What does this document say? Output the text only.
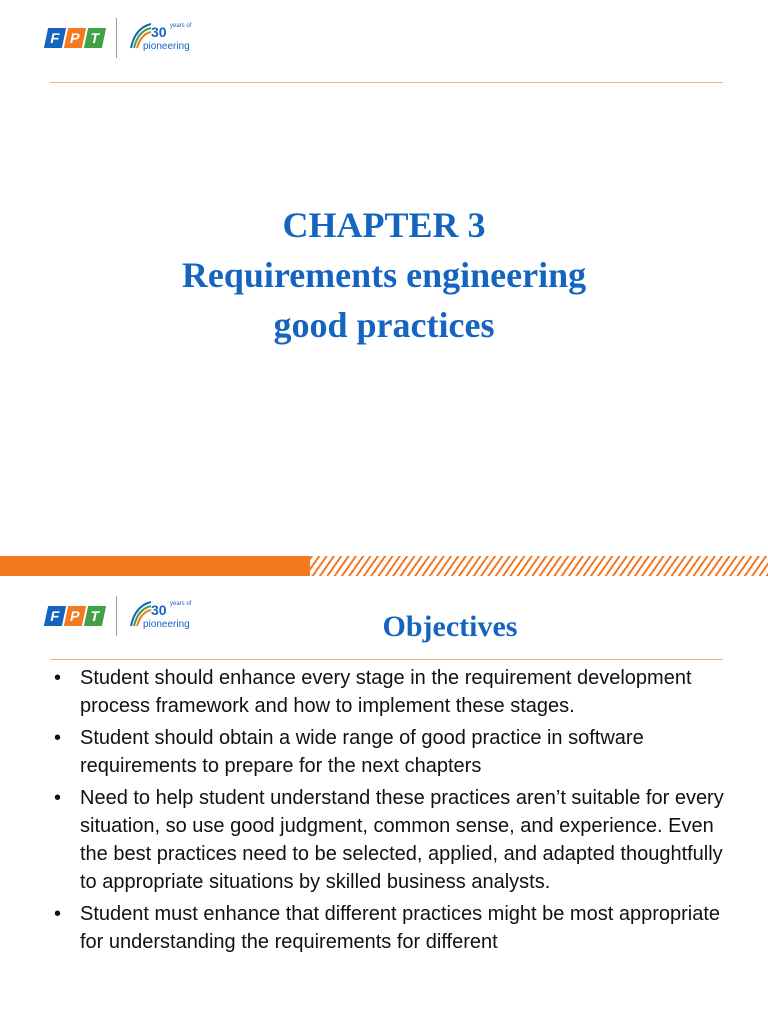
F P T	30 years of
pioneering
CHAPTER 3
Requirements engineering
good practices
F P T	30 years of
pioneering	Objectives
• Student should enhance every stage in the requirement development process framework and how to implement these stages.
• Student should obtain a wide range of good practice in software requirements to prepare for the next chapters
• Need to help student understand these practices aren’t suitable for every situation, so use good judgment, common sense, and experience. Even the best practices need to be selected, applied, and adapted thoughtfully to appropriate situations by skilled business analysts.
• Student must enhance that different practices might be most appropriate for understanding the requirements for different
